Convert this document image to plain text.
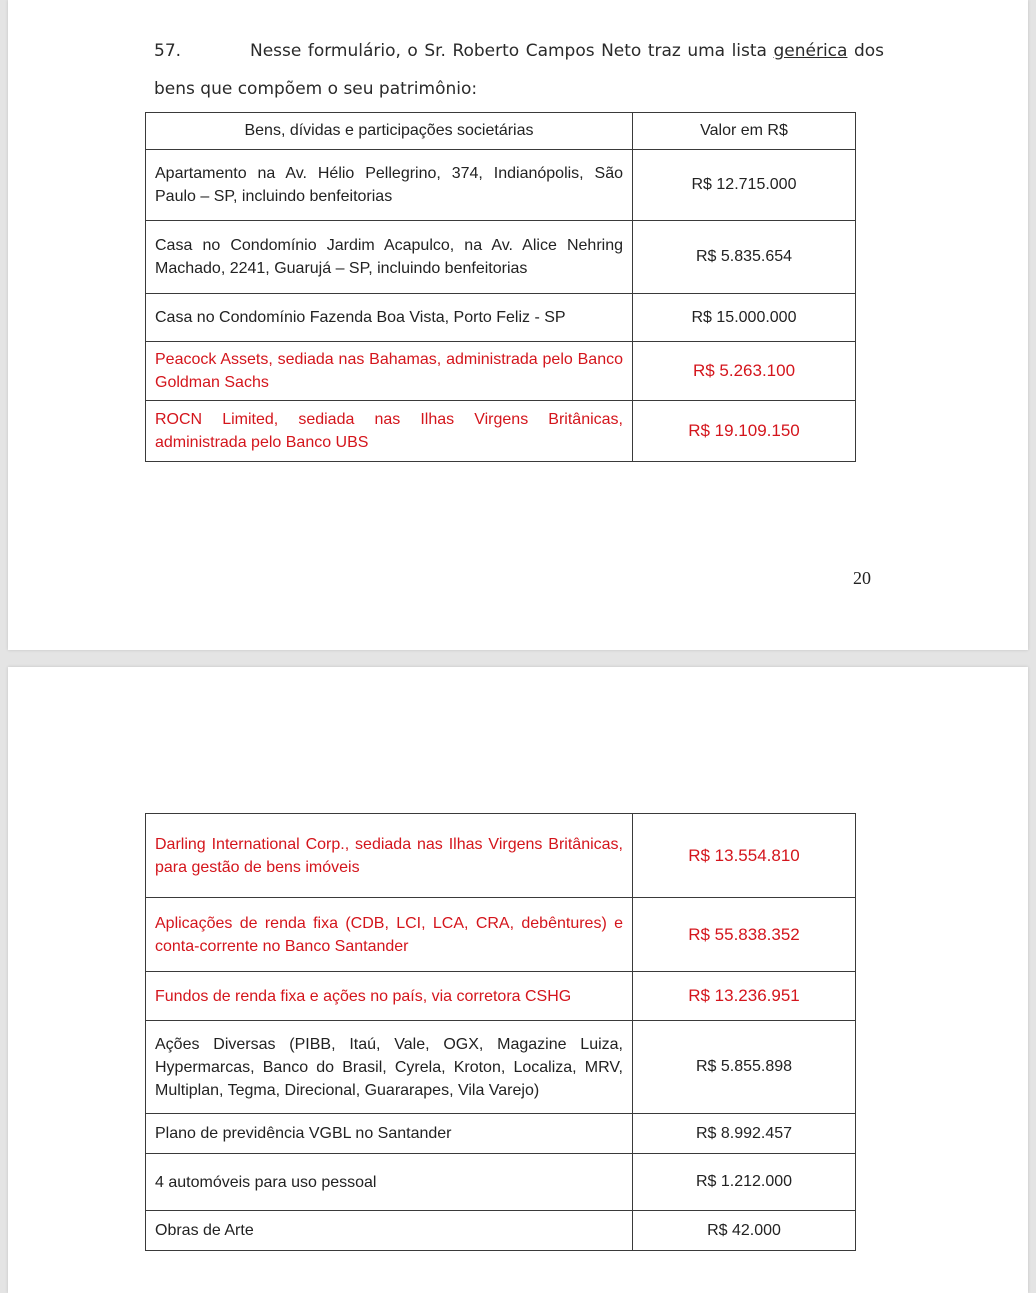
57.	Nesse formulário, o Sr. Roberto Campos Neto traz uma lista genérica dos bens que compõem o seu patrimônio:

20
Bens, dívidas e participações societárias	Valor em R$
Apartamento na Av. Hélio Pellegrino, 374, Indianópolis, São Paulo – SP, incluindo benfeitorias	R$ 12.715.000
Casa no Condomínio Jardim Acapulco, na Av. Alice Nehring Machado, 2241, Guarujá – SP, incluindo benfeitorias	R$ 5.835.654
Casa no Condomínio Fazenda Boa Vista, Porto Feliz - SP	R$ 15.000.000
Peacock Assets, sediada nas Bahamas, administrada pelo Banco Goldman Sachs	R$ 5.263.100
ROCN Limited, sediada nas Ilhas Virgens Britânicas, administrada pelo Banco UBS	R$ 19.109.150
Darling International Corp., sediada nas Ilhas Virgens Britânicas, para gestão de bens imóveis	R$ 13.554.810
Aplicações de renda fixa (CDB, LCI, LCA, CRA, debêntures) e conta-corrente no Banco Santander	R$ 55.838.352
Fundos de renda fixa e ações no país, via corretora CSHG	R$ 13.236.951
Ações Diversas (PIBB, Itaú, Vale, OGX, Magazine Luiza, Hypermarcas, Banco do Brasil, Cyrela, Kroton, Localiza, MRV, Multiplan, Tegma, Direcional, Guararapes, Vila Varejo)	R$ 5.855.898
Plano de previdência VGBL no Santander	R$ 8.992.457
4 automóveis para uso pessoal	R$ 1.212.000
Obras de Arte	R$ 42.000
